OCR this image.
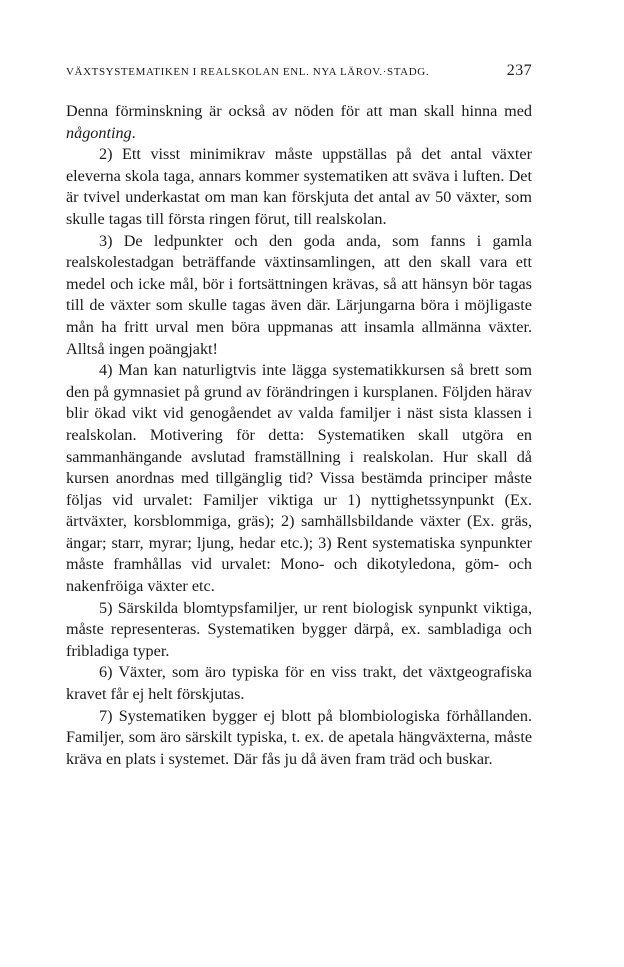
VÄXTSYSTEMATIKEN I REALSKOLAN ENL. NYA LÄROV.·STADG.	237

Denna förminskning är också av nöden för att man skall hinna med någonting.

2) Ett visst minimikrav måste uppställas på det antal växter eleverna skola taga, annars kommer systematiken att sväva i luften. Det är tvivel underkastat om man kan förskjuta det antal av 50 växter, som skulle tagas till första ringen förut, till realskolan.

3) De ledpunkter och den goda anda, som fanns i gamla realskolestadgan beträffande växtinsamlingen, att den skall vara ett medel och icke mål, bör i fortsättningen krävas, så att hänsyn bör tagas till de växter som skulle tagas även där. Lärjungarna böra i möjligaste mån ha fritt urval men böra uppmanas att insamla allmänna växter. Alltså ingen poängjakt!

4) Man kan naturligtvis inte lägga systematikkursen så brett som den på gymnasiet på grund av förändringen i kursplanen. Följden härav blir ökad vikt vid genogåendet av valda familjer i näst sista klassen i realskolan. Motivering för detta: Systematiken skall utgöra en sammanhängande avslutad framställning i realskolan. Hur skall då kursen anordnas med tillgänglig tid? Vissa bestämda principer måste följas vid urvalet: Familjer viktiga ur 1) nyttighetssynpunkt (Ex. ärtväxter, korsblommiga, gräs); 2) samhällsbildande växter (Ex. gräs, ängar; starr, myrar; ljung, hedar etc.); 3) Rent systematiska synpunkter måste framhållas vid urvalet: Mono- och dikotyledona, göm- och nakenfröiga växter etc.

5) Särskilda blomtypsfamiljer, ur rent biologisk synpunkt viktiga, måste representeras. Systematiken bygger därpå, ex. sambladiga och fribladiga typer.

6) Växter, som äro typiska för en viss trakt, det växtgeografiska kravet får ej helt förskjutas.

7) Systematiken bygger ej blott på blombiologiska förhållanden. Familjer, som äro särskilt typiska, t. ex. de apetala hängväxterna, måste kräva en plats i systemet. Där fås ju då även fram träd och buskar.
